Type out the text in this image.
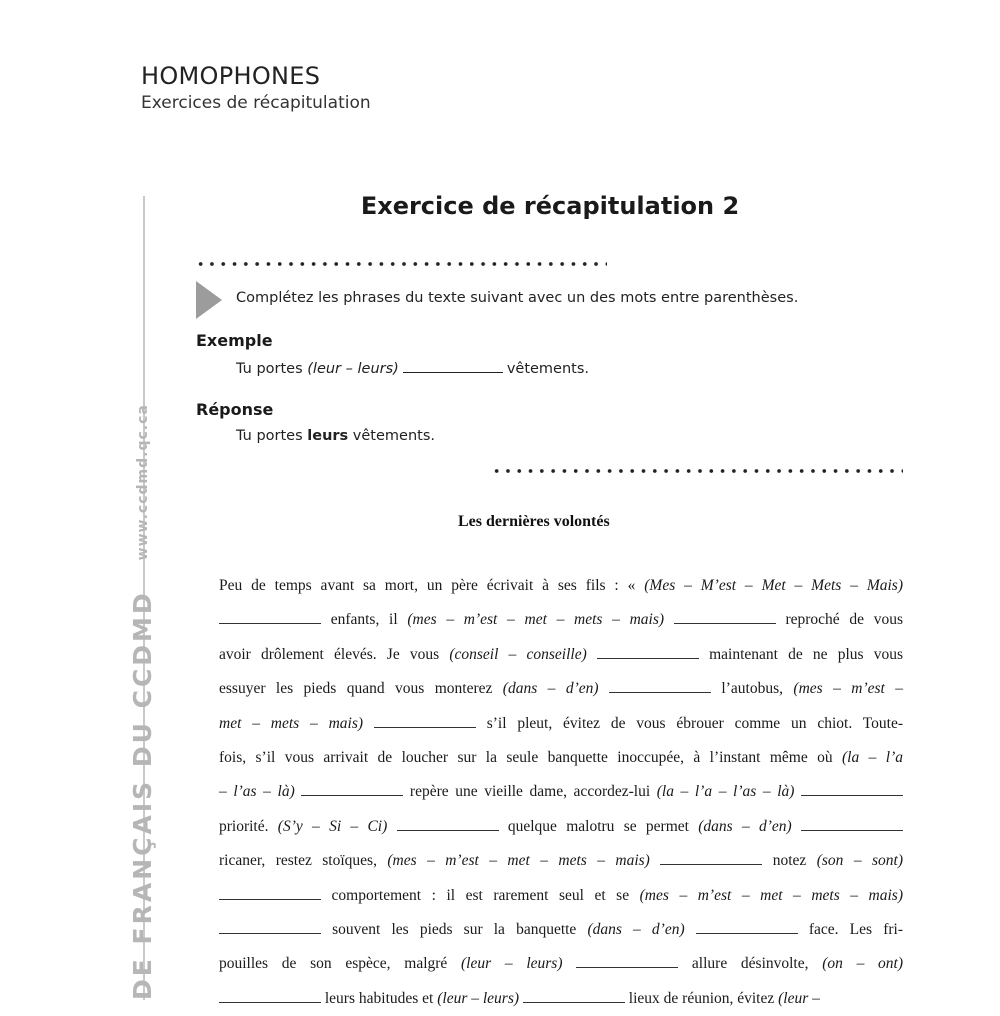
HOMOPHONES
Exercices de récapitulation
DE FRANÇAIS DU CCDMDwww.ccdmd.qc.ca
Exercice de récapitulation 2
Complétez les phrases du texte suivant avec un des mots entre parenthèses.
Exemple
Tu portes (leur – leurs)	vêtements.
Réponse
Tu portes leurs vêtements.
Les dernières volontés
Peu de temps avant sa mort, un père écrivait à ses fils : « (Mes – M’est – Met – Mets – Mais)
enfants, il (mes – m’est – met – mets – mais)	reproché de vous
avoir drôlement élevés. Je vous (conseil – conseille)	maintenant de ne plus vous
essuyer les pieds quand vous monterez (dans – d’en)	l’autobus, (mes – m’est –
met – mets – mais)	s’il pleut, évitez de vous ébrouer comme un chiot. Toute-
fois, s’il vous arrivait de loucher sur la seule banquette inoccupée, à l’instant même où (la – l’a
– l’as – là)	repère une vieille dame, accordez-lui (la – l’a – l’as – là)
priorité. (S’y – Si – Ci)	quelque malotru se permet (dans – d’en)
ricaner, restez stoïques, (mes – m’est – met – mets – mais)	notez (son – sont)
comportement : il est rarement seul et se (mes – m’est – met – mets – mais)
souvent les pieds sur la banquette (dans – d’en)	face. Les fri-
pouilles de son espèce, malgré (leur – leurs)	allure désinvolte, (on – ont)
leurs habitudes et (leur – leurs)	lieux de réunion, évitez (leur –
